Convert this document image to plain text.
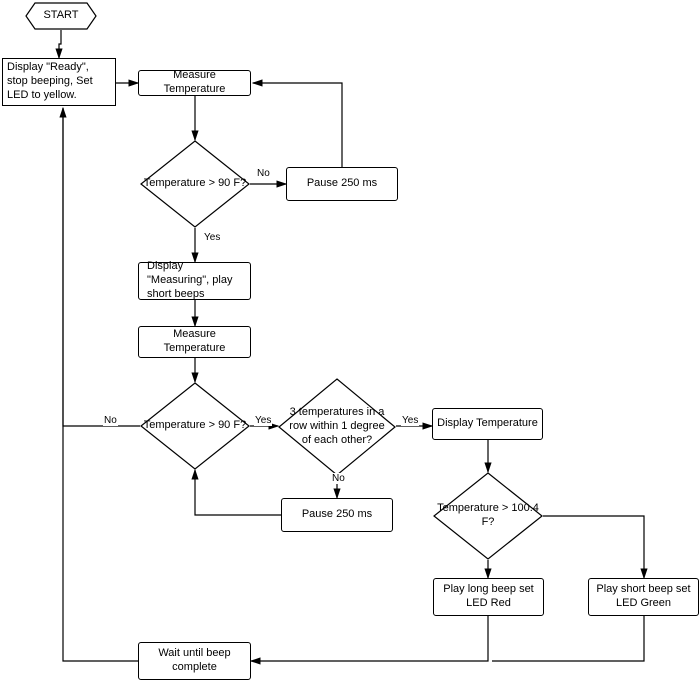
START
Display "Ready", stop beeping, Set LED to yellow.
Measure Temperature
Temperature > 90 F?	Pause 250 ms
Display "Measuring", play short beeps
Measure Temperature
Temperature > 90 F?
3 temperatures in a row within 1 degree of each other?
Display Temperature
Pause 250 ms	Temperature > 100.4 F?
Play long beep set LED Red
Play short beep set LED Green
Wait until beep complete
No
Yes
No	Yes	Yes
No
